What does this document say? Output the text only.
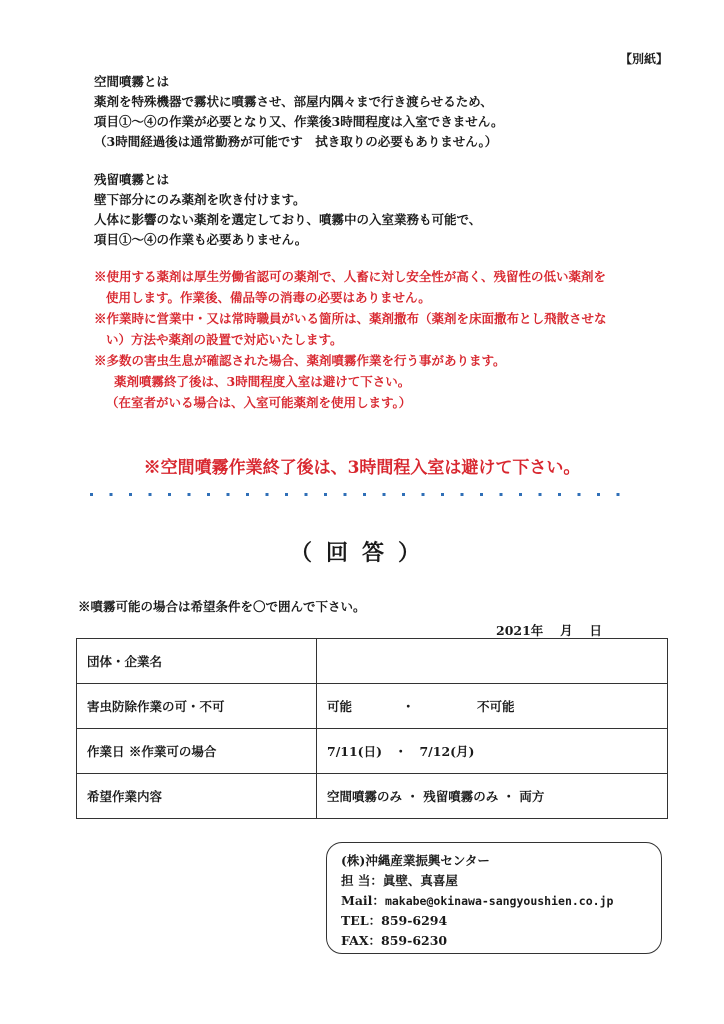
【別紙】
空間噴霧とは
薬剤を特殊機器で霧状に噴霧させ、部屋内隅々まで行き渡らせるため、
項目①～④の作業が必要となり又、作業後3時間程度は入室できません。
（3時間経過後は通常勤務が可能です　拭き取りの必要もありません。）
残留噴霧とは
壁下部分にのみ薬剤を吹き付けます。
人体に影響のない薬剤を選定しており、噴霧中の入室業務も可能で、
項目①～④の作業も必要ありません。
※使用する薬剤は厚生労働省認可の薬剤で、人畜に対し安全性が高く、残留性の低い薬剤を
使用します。作業後、備品等の消毒の必要はありません。
※作業時に営業中・又は常時職員がいる箇所は、薬剤撒布（薬剤を床面撒布とし飛散させな
い）方法や薬剤の設置で対応いたします。
※多数の害虫生息が確認された場合、薬剤噴霧作業を行う事があります。
薬剤噴霧終了後は、3時間程度入室は避けて下さい。
（在室者がいる場合は、入室可能薬剤を使用します。）
※空間噴霧作業終了後は、3時間程入室は避けて下さい。
（回答）
※噴霧可能の場合は希望条件を〇で囲んで下さい。
2021年　 月　 日
団体・企業名	
害虫防除作業の可・不可	可能　　　　・　　　　　不可能
作業日 ※作業可の場合	7/11(日)　・　7/12(月)
希望作業内容	空間噴霧のみ ・ 残留噴霧のみ ・ 両方
(株)沖縄産業振興センター
担 当：眞壁、真喜屋
Mail：makabe@okinawa-sangyoushien.co.jp
TEL：859-6294
FAX：859-6230
